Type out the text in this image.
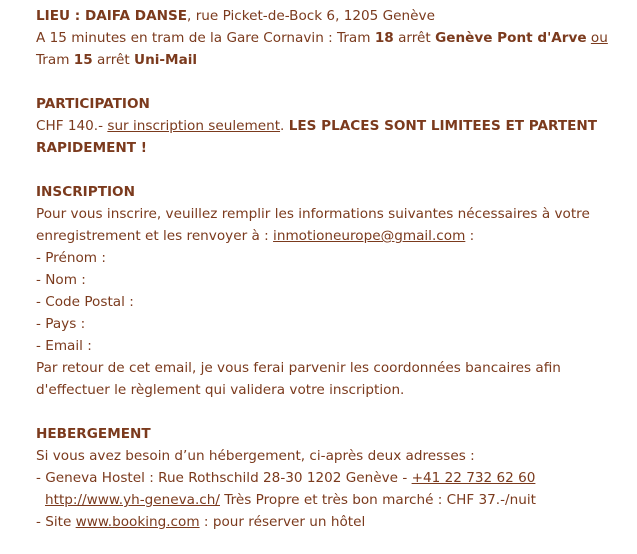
LIEU : DAIFA DANSE, rue Picket-de-Bock 6, 1205 Genève
A 15 minutes en tram de la Gare Cornavin : Tram 18 arrêt Genève Pont d'Arve ou
Tram 15 arrêt Uni-Mail
PARTICIPATION
CHF 140.- sur inscription seulement. LES PLACES SONT LIMITEES ET PARTENT
RAPIDEMENT !
INSCRIPTION
Pour vous inscrire, veuillez remplir les informations suivantes nécessaires à votre
enregistrement et les renvoyer à : inmotioneurope@gmail.com :
- Prénom :
- Nom :
- Code Postal :
- Pays :
- Email :
Par retour de cet email, je vous ferai parvenir les coordonnées bancaires afin
d'effectuer le règlement qui validera votre inscription.
HEBERGEMENT
Si vous avez besoin d’un hébergement, ci-après deux adresses :
- Geneva Hostel : Rue Rothschild 28-30 1202 Genève - +41 22 732 62 60
http://www.yh-geneva.ch/ Très Propre et très bon marché : CHF 37.-/nuit
- Site www.booking.com : pour réserver un hôtel
